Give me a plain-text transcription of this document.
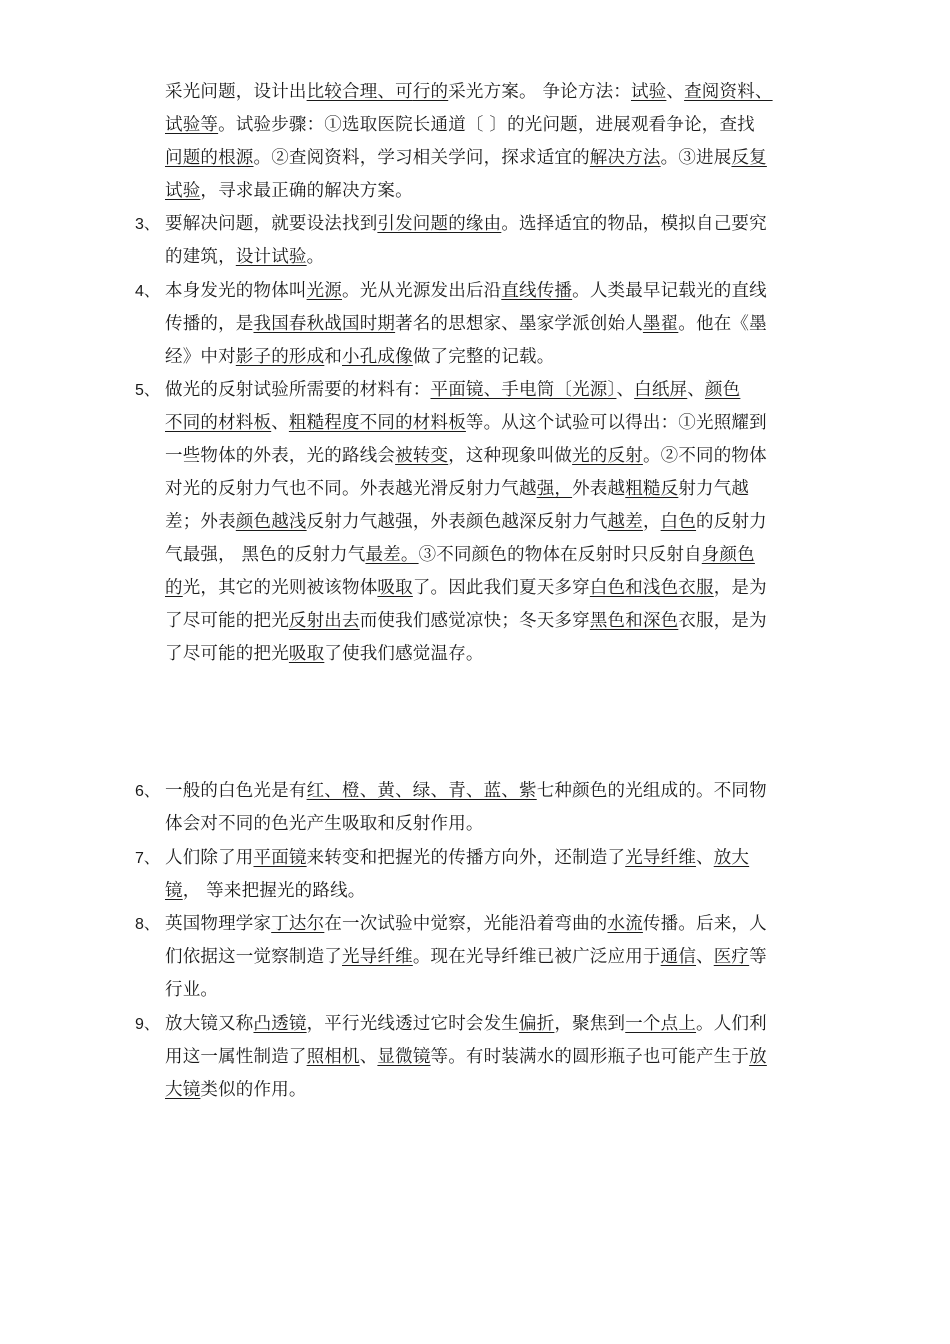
采光问题，设计出比较合理、可行的采光方案。 争论方法：试验、查阅资料、
试验等。试验步骤：①选取医院长通道〔 〕的光问题，进展观看争论，查找
问题的根源。②查阅资料，学习相关学问，探求适宜的解决方法。③进展反复
试验，寻求最正确的解决方案。
3、 要解决问题，就要设法找到引发问题的缘由。选择适宜的物品，模拟自己要究
的建筑，设计试验。
4、 本身发光的物体叫光源。光从光源发出后沿直线传播。人类最早记载光的直线
传播的，是我国春秋战国时期著名的思想家、墨家学派创始人墨翟。他在《墨
经》中对影子的形成和小孔成像做了完整的记载。
5、 做光的反射试验所需要的材料有：平面镜、手电筒〔光源〕、白纸屏、颜色
不同的材料板、粗糙程度不同的材料板等。从这个试验可以得出：①光照耀到
一些物体的外表，光的路线会被转变，这种现象叫做光的反射。②不同的物体
对光的反射力气也不同。外表越光滑反射力气越强，外表越粗糙反射力气越
差；外表颜色越浅反射力气越强，外表颜色越深反射力气越差，白色的反射力
气最强， 黑色的反射力气最差。③不同颜色的物体在反射时只反射自身颜色
的光，其它的光则被该物体吸取了。因此我们夏天多穿白色和浅色衣服，是为
了尽可能的把光反射出去而使我们感觉凉快；冬天多穿黑色和深色衣服，是为
了尽可能的把光吸取了使我们感觉温存。
6、 一般的白色光是有红、橙、黄、绿、青、蓝、紫七种颜色的光组成的。不同物
体会对不同的色光产生吸取和反射作用。
7、 人们除了用平面镜来转变和把握光的传播方向外，还制造了光导纤维、放大
镜， 等来把握光的路线。
8、 英国物理学家丁达尔在一次试验中觉察，光能沿着弯曲的水流传播。后来，人
们依据这一觉察制造了光导纤维。现在光导纤维已被广泛应用于通信、医疗等
行业。
9、 放大镜又称凸透镜，平行光线透过它时会发生偏折，聚焦到一个点上。人们利
用这一属性制造了照相机、显微镜等。有时装满水的圆形瓶子也可能产生于放
大镜类似的作用。
